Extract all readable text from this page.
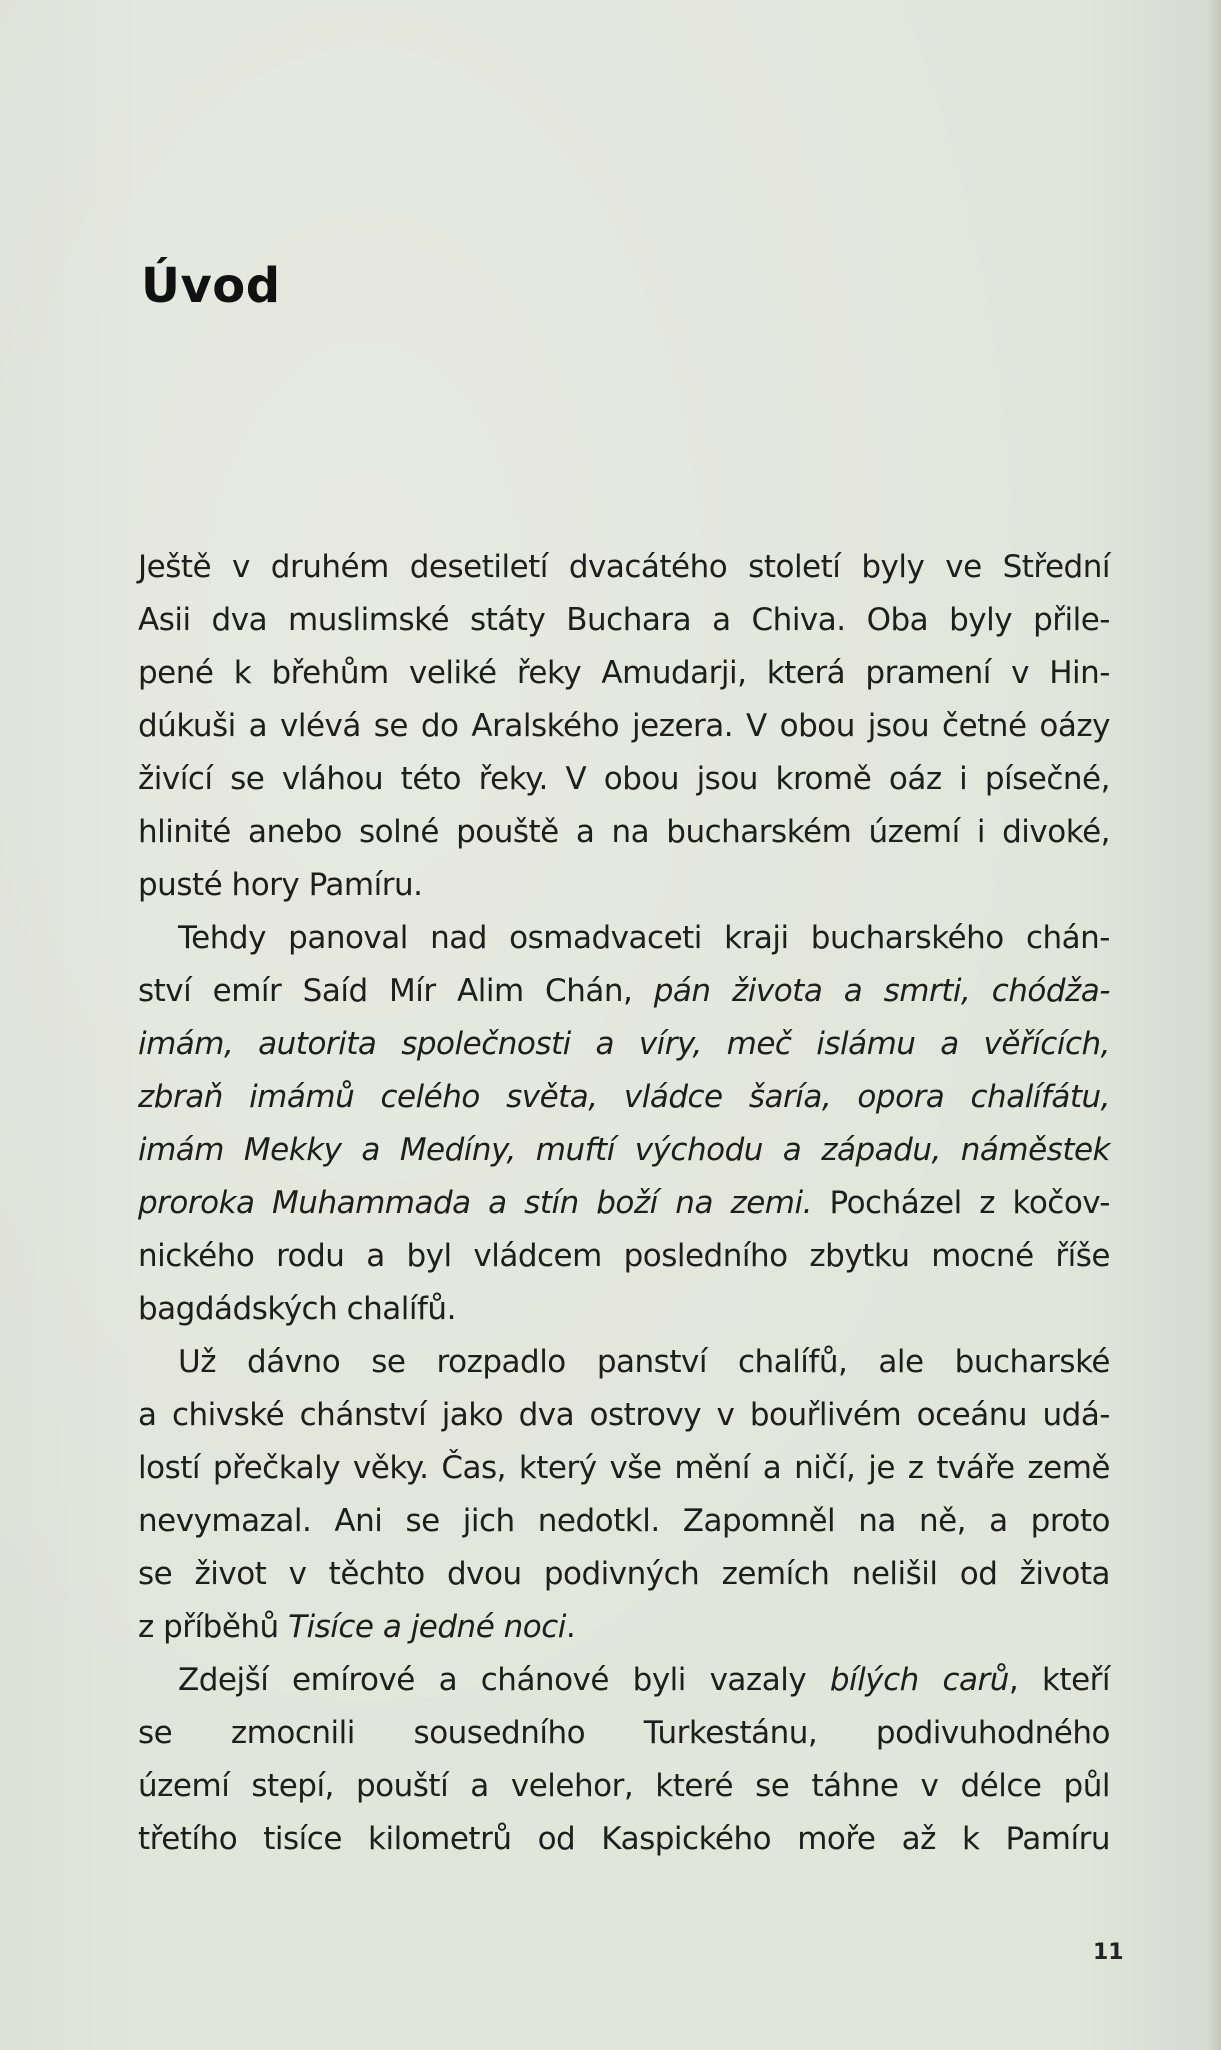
Úvod
Ještě v druhém desetiletí dvacátého století byly ve Střední
Asii dva muslimské státy Buchara a Chiva. Oba byly přile-
pené k břehům veliké řeky Amudarji, která pramení v Hin-
dúkuši a vlévá se do Aralského jezera. V obou jsou četné oázy
živící se vláhou této řeky. V obou jsou kromě oáz i písečné,
hlinité anebo solné pouště a na bucharském území i divoké,
pusté hory Pamíru.
Tehdy panoval nad osmadvaceti kraji bucharského chán-
ství emír Saíd Mír Alim Chán, pán života a smrti, chódža-
imám, autorita společnosti a víry, meč islámu a věřících,
zbraň imámů celého světa, vládce šaría, opora chalífátu,
imám Mekky a Medíny, muftí východu a západu, náměstek
proroka Muhammada a stín boží na zemi. Pocházel z kočov-
nického rodu a byl vládcem posledního zbytku mocné říše
bagdádských chalífů.
Už dávno se rozpadlo panství chalífů, ale bucharské
a chivské chánství jako dva ostrovy v bouřlivém oceánu udá-
lostí přečkaly věky. Čas, který vše mění a ničí, je z tváře země
nevymazal. Ani se jich nedotkl. Zapomněl na ně, a proto
se život v těchto dvou podivných zemích nelišil od života
z příběhů Tisíce a jedné noci.
Zdejší emírové a chánové byli vazaly bílých carů, kteří
se zmocnili sousedního Turkestánu, podivuhodného
území stepí, pouští a velehor, které se táhne v délce půl
třetího tisíce kilometrů od Kaspického moře až k Pamíru
11
